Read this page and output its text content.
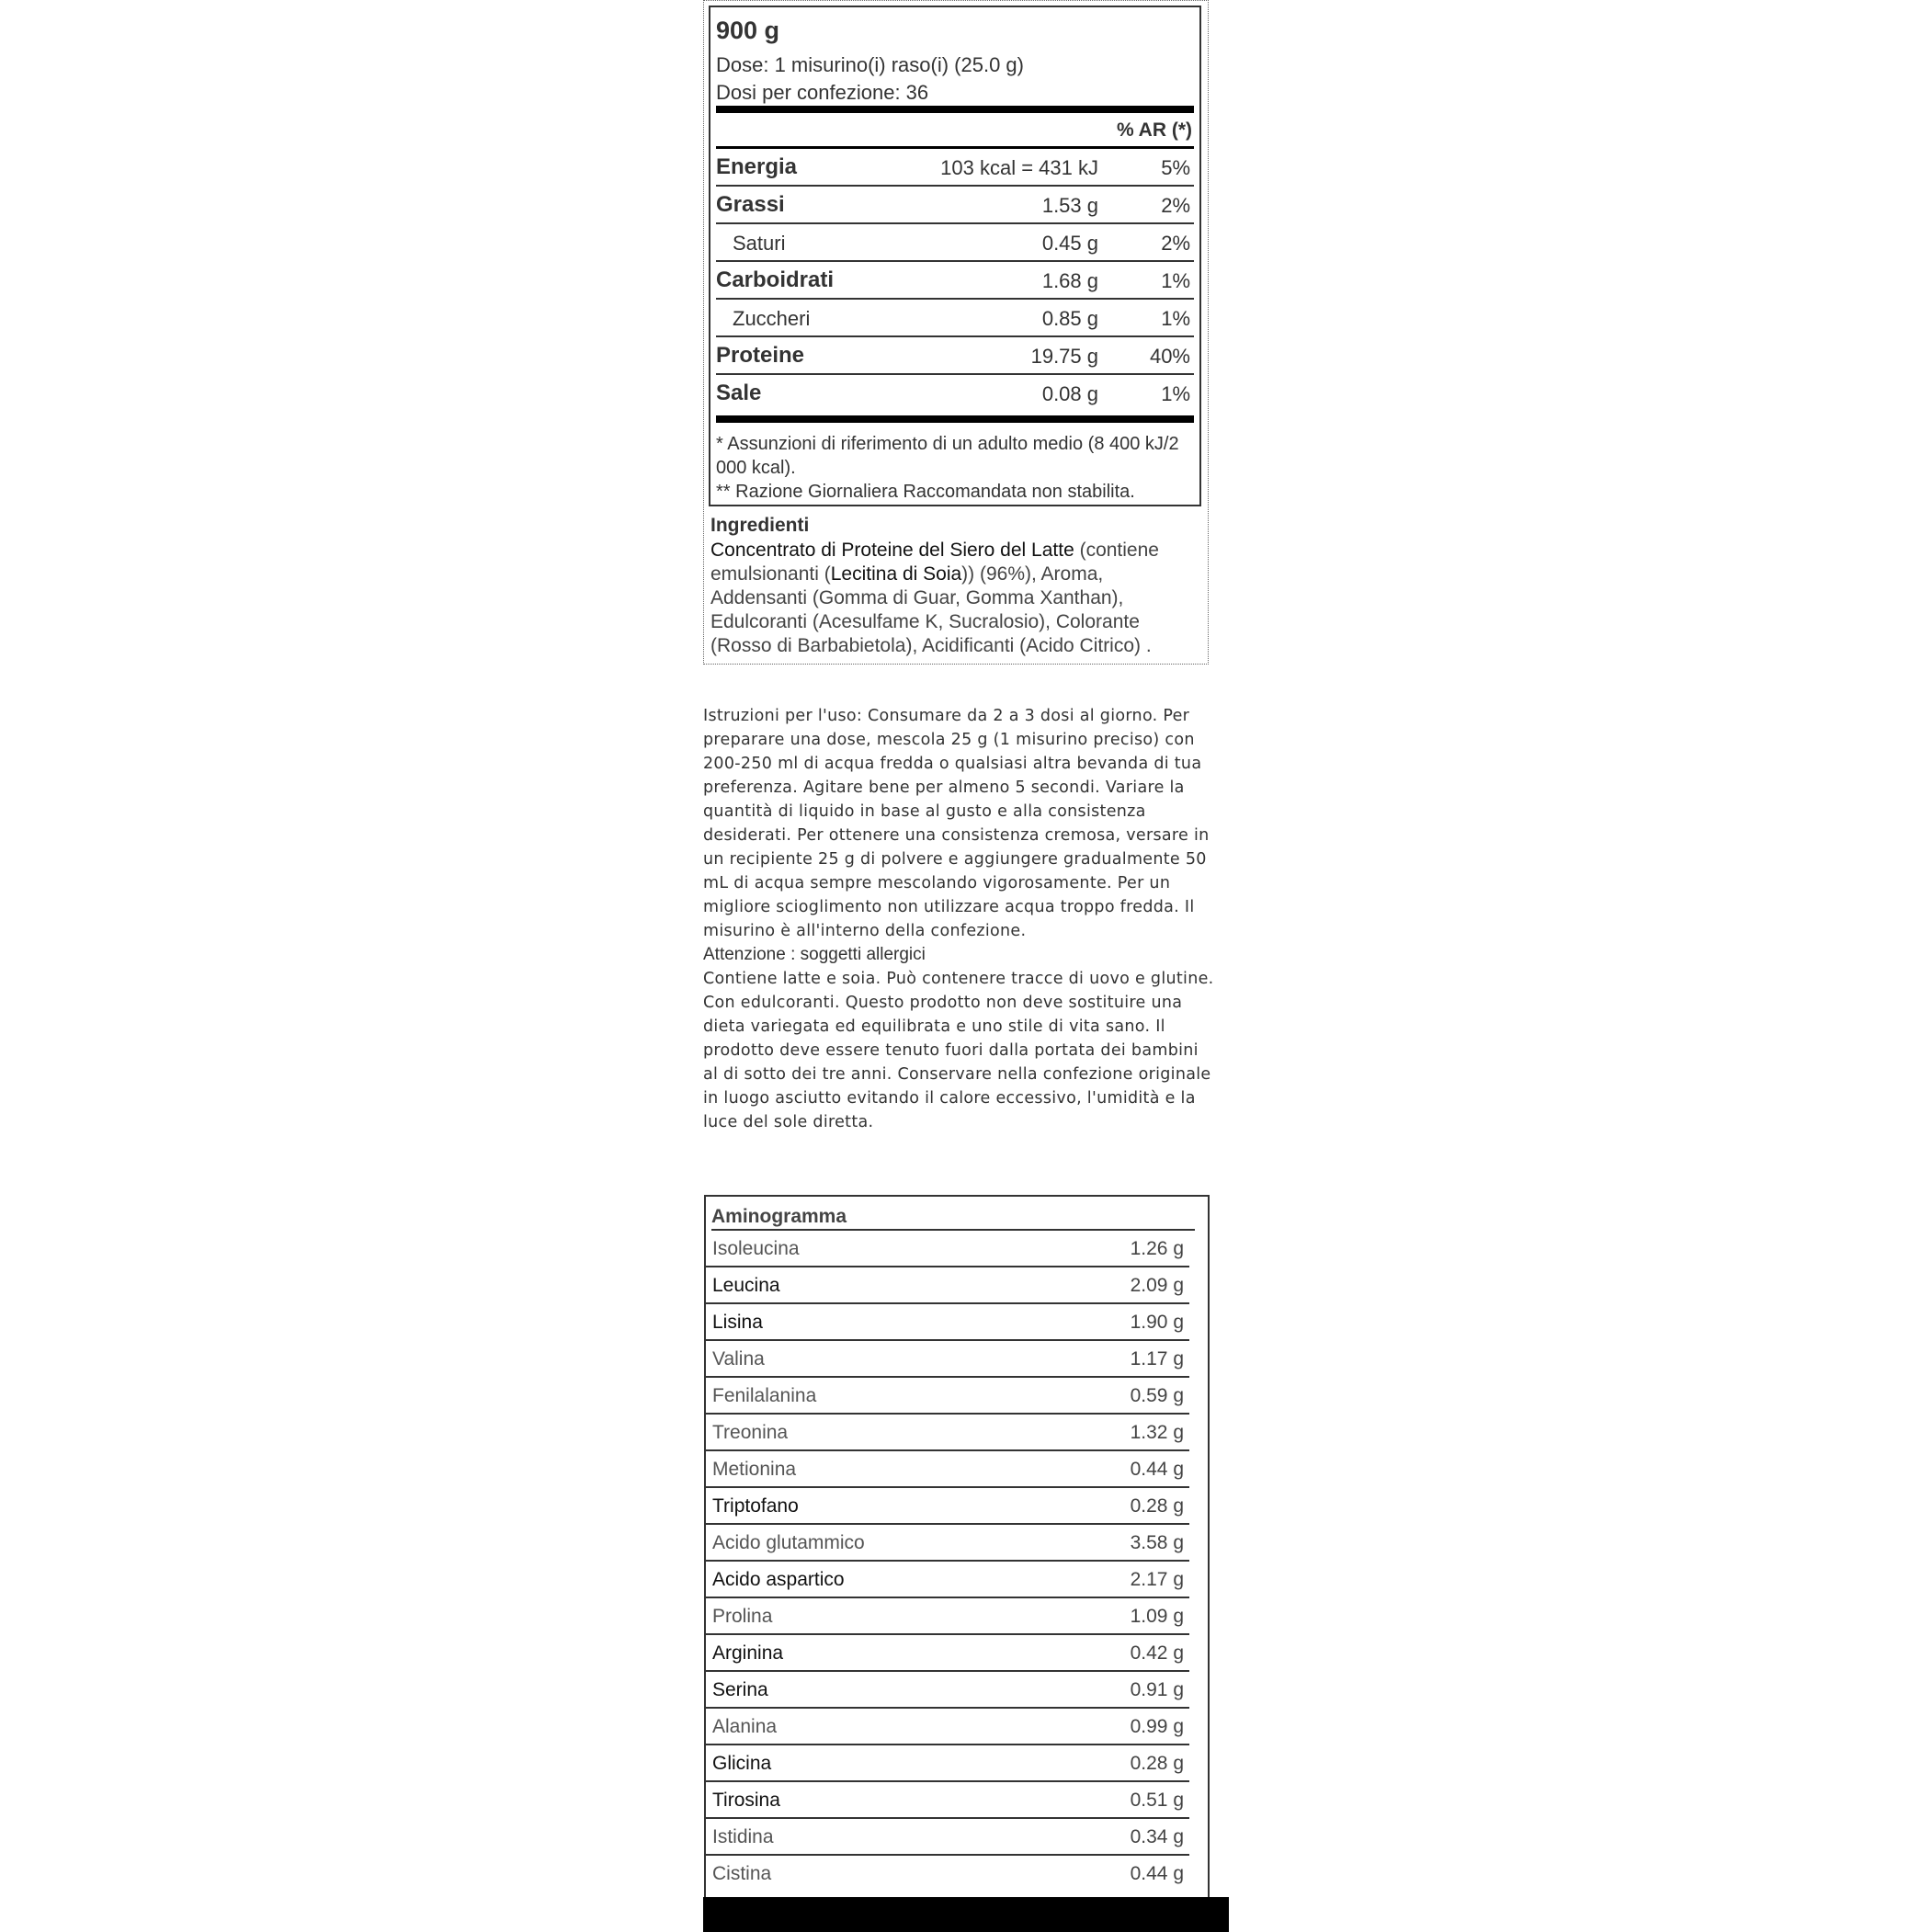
900 g
Dose: 1 misurino(i) raso(i) (25.0 g)
Dosi per confezione: 36
% AR (*)
Energia	103 kcal = 431 kJ	5%
Grassi	1.53 g	2%
Saturi	0.45 g	2%
Carboidrati	1.68 g	1%
Zuccheri	0.85 g	1%
Proteine	19.75 g	40%
Sale	0.08 g	1%
* Assunzioni di riferimento di un adulto medio (8 400 kJ/2 000 kcal).
** Razione Giornaliera Raccomandata non stabilita.
Ingredienti
Concentrato di Proteine del Siero del Latte (contiene emulsionanti (Lecitina di Soia)) (96%), Aroma, Addensanti (Gomma di Guar, Gomma Xanthan), Edulcoranti (Acesulfame K, Sucralosio), Colorante (Rosso di Barbabietola), Acidificanti (Acido Citrico) .

Istruzioni per l'uso: Consumare da 2 a 3 dosi al giorno. Per preparare una dose, mescola 25 g (1 misurino preciso) con 200-250 ml di acqua fredda o qualsiasi altra bevanda di tua preferenza. Agitare bene per almeno 5 secondi. Variare la quantità di liquido in base al gusto e alla consistenza desiderati. Per ottenere una consistenza cremosa, versare in un recipiente 25 g di polvere e aggiungere gradualmente 50 mL di acqua sempre mescolando vigorosamente. Per un migliore scioglimento non utilizzare acqua troppo fredda. Il misurino è all'interno della confezione.

Attenzione : soggetti allergici

Contiene latte e soia. Può contenere tracce di uovo e glutine. Con edulcoranti. Questo prodotto non deve sostituire una dieta variegata ed equilibrata e uno stile di vita sano. Il prodotto deve essere tenuto fuori dalla portata dei bambini al di sotto dei tre anni. Conservare nella confezione originale in luogo asciutto evitando il calore eccessivo, l'umidità e la luce del sole diretta.

Aminogramma
Isoleucina	1.26 g
Leucina	2.09 g
Lisina	1.90 g
Valina	1.17 g
Fenilalanina	0.59 g
Treonina	1.32 g
Metionina	0.44 g
Triptofano	0.28 g
Acido glutammico	3.58 g
Acido aspartico	2.17 g
Prolina	1.09 g
Arginina	0.42 g
Serina	0.91 g
Alanina	0.99 g
Glicina	0.28 g
Tirosina	0.51 g
Istidina	0.34 g
Cistina	0.44 g
